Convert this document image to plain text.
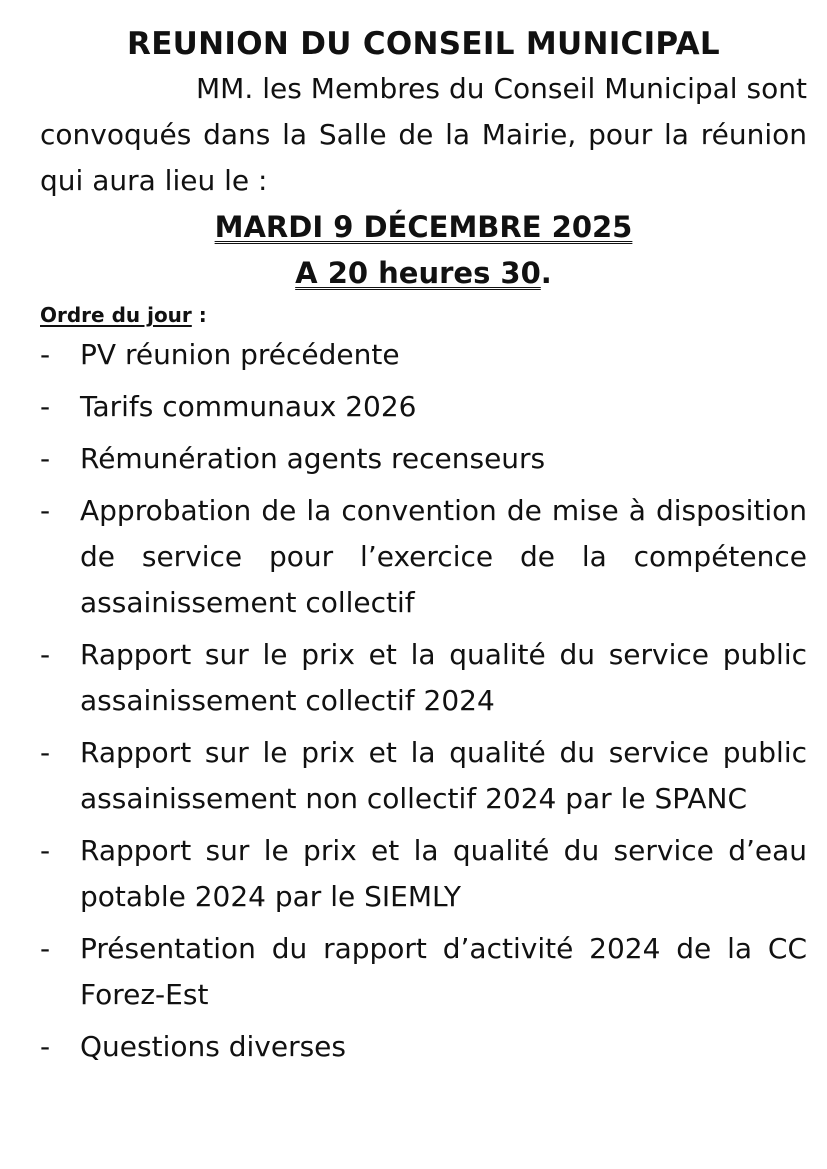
REUNION DU CONSEIL MUNICIPAL

MM. les Membres du Conseil Municipal sont convoqués dans la Salle de la Mairie, pour la réunion qui aura lieu le :

MARDI 9 DÉCEMBRE 2025

A 20 heures 30.

Ordre du jour :

- PV réunion précédente
- Tarifs communaux 2026
- Rémunération agents recenseurs
- Approbation de la convention de mise à disposition de service pour l’exercice de la compétence assainissement collectif
- Rapport sur le prix et la qualité du service public assainissement collectif 2024
- Rapport sur le prix et la qualité du service public assainissement non collectif 2024 par le SPANC
- Rapport sur le prix et la qualité du service d’eau potable 2024 par le SIEMLY
- Présentation du rapport d’activité 2024 de la CC Forez-Est
- Questions diverses
